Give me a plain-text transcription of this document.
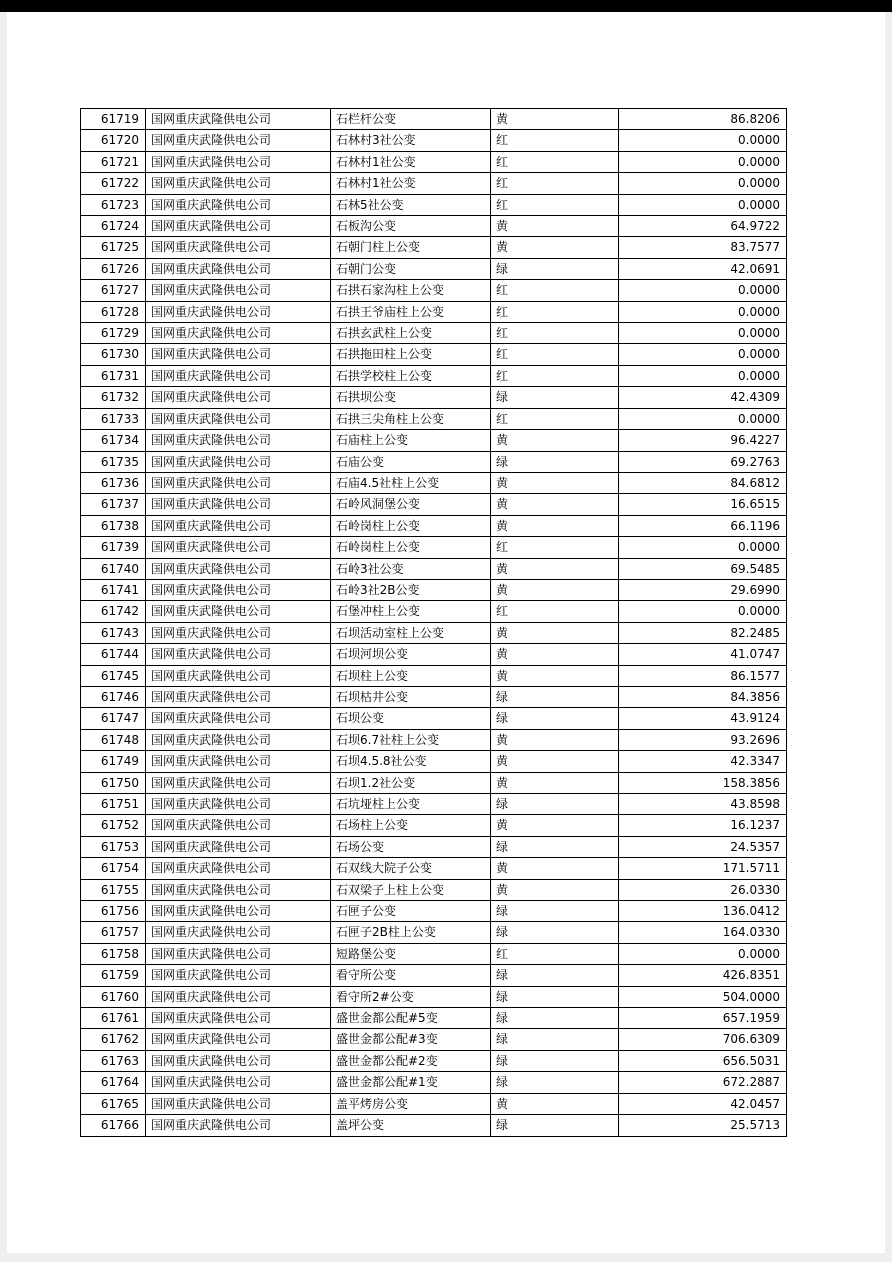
61719	国网重庆武隆供电公司	石栏杆公变	黄	86.8206
61720	国网重庆武隆供电公司	石林村3社公变	红	0.0000
61721	国网重庆武隆供电公司	石林村1社公变	红	0.0000
61722	国网重庆武隆供电公司	石林村1社公变	红	0.0000
61723	国网重庆武隆供电公司	石林5社公变	红	0.0000
61724	国网重庆武隆供电公司	石板沟公变	黄	64.9722
61725	国网重庆武隆供电公司	石朝门柱上公变	黄	83.7577
61726	国网重庆武隆供电公司	石朝门公变	绿	42.0691
61727	国网重庆武隆供电公司	石拱石家沟柱上公变	红	0.0000
61728	国网重庆武隆供电公司	石拱王爷庙柱上公变	红	0.0000
61729	国网重庆武隆供电公司	石拱玄武柱上公变	红	0.0000
61730	国网重庆武隆供电公司	石拱拖田柱上公变	红	0.0000
61731	国网重庆武隆供电公司	石拱学校柱上公变	红	0.0000
61732	国网重庆武隆供电公司	石拱坝公变	绿	42.4309
61733	国网重庆武隆供电公司	石拱三尖角柱上公变	红	0.0000
61734	国网重庆武隆供电公司	石庙柱上公变	黄	96.4227
61735	国网重庆武隆供电公司	石庙公变	绿	69.2763
61736	国网重庆武隆供电公司	石庙4.5社柱上公变	黄	84.6812
61737	国网重庆武隆供电公司	石岭风洞堡公变	黄	16.6515
61738	国网重庆武隆供电公司	石岭岗柱上公变	黄	66.1196
61739	国网重庆武隆供电公司	石岭岗柱上公变	红	0.0000
61740	国网重庆武隆供电公司	石岭3社公变	黄	69.5485
61741	国网重庆武隆供电公司	石岭3社2B公变	黄	29.6990
61742	国网重庆武隆供电公司	石堡冲柱上公变	红	0.0000
61743	国网重庆武隆供电公司	石坝活动室柱上公变	黄	82.2485
61744	国网重庆武隆供电公司	石坝河坝公变	黄	41.0747
61745	国网重庆武隆供电公司	石坝柱上公变	黄	86.1577
61746	国网重庆武隆供电公司	石坝枯井公变	绿	84.3856
61747	国网重庆武隆供电公司	石坝公变	绿	43.9124
61748	国网重庆武隆供电公司	石坝6.7社柱上公变	黄	93.2696
61749	国网重庆武隆供电公司	石坝4.5.8社公变	黄	42.3347
61750	国网重庆武隆供电公司	石坝1.2社公变	黄	158.3856
61751	国网重庆武隆供电公司	石坑垭柱上公变	绿	43.8598
61752	国网重庆武隆供电公司	石场柱上公变	黄	16.1237
61753	国网重庆武隆供电公司	石场公变	绿	24.5357
61754	国网重庆武隆供电公司	石双线大院子公变	黄	171.5711
61755	国网重庆武隆供电公司	石双梁子上柱上公变	黄	26.0330
61756	国网重庆武隆供电公司	石匣子公变	绿	136.0412
61757	国网重庆武隆供电公司	石匣子2B柱上公变	绿	164.0330
61758	国网重庆武隆供电公司	短路堡公变	红	0.0000
61759	国网重庆武隆供电公司	看守所公变	绿	426.8351
61760	国网重庆武隆供电公司	看守所2#公变	绿	504.0000
61761	国网重庆武隆供电公司	盛世金都公配#5变	绿	657.1959
61762	国网重庆武隆供电公司	盛世金都公配#3变	绿	706.6309
61763	国网重庆武隆供电公司	盛世金都公配#2变	绿	656.5031
61764	国网重庆武隆供电公司	盛世金都公配#1变	绿	672.2887
61765	国网重庆武隆供电公司	盖平烤房公变	黄	42.0457
61766	国网重庆武隆供电公司	盖坪公变	绿	25.5713
